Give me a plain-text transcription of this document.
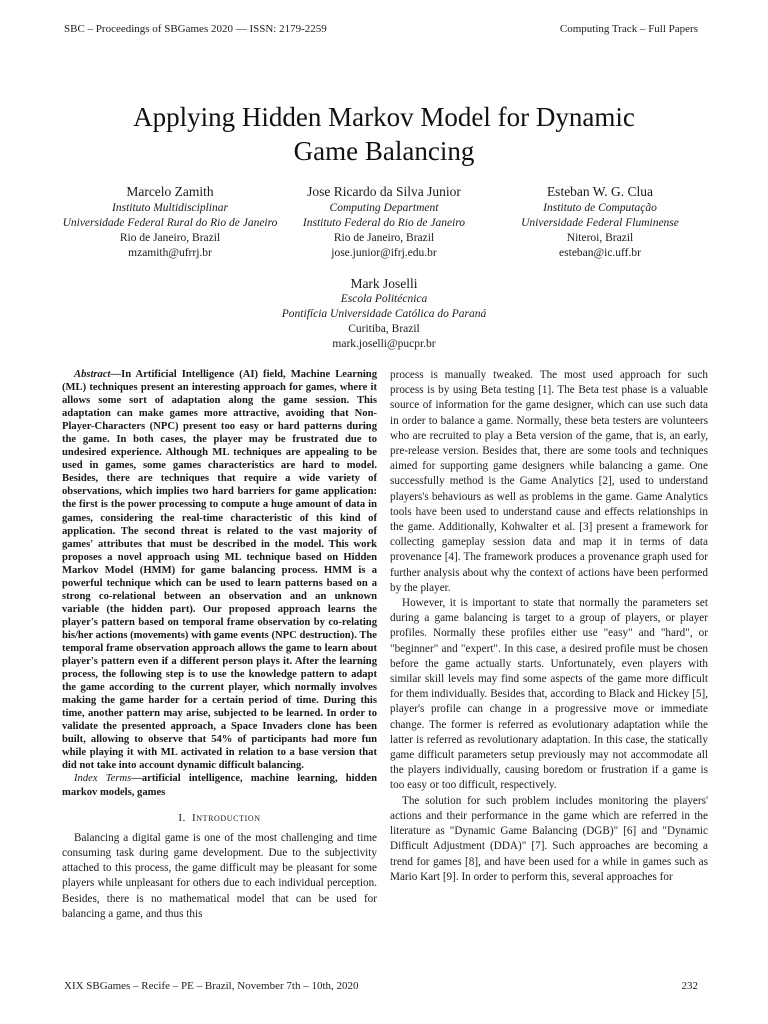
SBC – Proceedings of SBGames 2020 — ISSN: 2179-2259	Computing Track – Full Papers
Applying Hidden Markov Model for Dynamic
Game Balancing
Marcelo Zamith
Instituto Multidisciplinar
Universidade Federal Rural do Rio de Janeiro
Rio de Janeiro, Brazil
mzamith@ufrrj.br
Jose Ricardo da Silva Junior
Computing Department
Instituto Federal do Rio de Janeiro
Rio de Janeiro, Brazil
jose.junior@ifrj.edu.br
Esteban W. G. Clua
Instituto de Computação
Universidade Federal Fluminense
Niteroi, Brazil
esteban@ic.uff.br
Mark Joselli
Escola Politécnica
Pontifícia Universidade Católica do Paraná
Curitiba, Brazil
mark.joselli@pucpr.br

Abstract—In Artificial Intelligence (AI) field, Machine Learning (ML) techniques present an interesting approach for games, where it allows some sort of adaptation along the game session. This adaptation can make games more attractive, avoiding that Non-Player-Characters (NPC) present too easy or hard patterns during the game. In both cases, the player may be frustrated due to undesired experience. Although ML techniques are appealing to be used in games, some games characteristics are hard to model. Besides, there are techniques that require a wide variety of observations, which implies two hard barriers for game application: the first is the power processing to compute a huge amount of data in games, considering the real-time characteristic of this kind of application. The second threat is related to the vast majority of games' attributes that must be described in the model. This work proposes a novel approach using ML technique based on Hidden Markov Model (HMM) for game balancing process. HMM is a powerful technique which can be used to learn patterns based on a strong co-relational between an observation and an unknown variable (the hidden part). Our proposed approach learns the player's pattern based on temporal frame observation by co-relating his/her actions (movements) with game events (NPC destruction). The temporal frame observation approach allows the game to learn about player's pattern even if a different person plays it. After the learning process, the following step is to use the knowledge pattern to adapt the game according to the current player, which normally involves making the game harder for a certain period of time. During this time, another pattern may arise, subjected to be learned. In order to validate the presented approach, a Space Invaders clone has been built, allowing to observe that 54% of participants had more fun while playing it with ML activated in relation to a base version that did not take into account dynamic difficult balancing.

Index Terms—artificial intelligence, machine learning, hidden markov models, games

I. Introduction

Balancing a digital game is one of the most challenging and time consuming task during game development. Due to the subjectivity attached to this process, the game difficult may be pleasant for some players while unpleasant for others due to each individual perception. Besides, there is no mathematical model that can be used for balancing a game, and thus this

process is manually tweaked. The most used approach for such process is by using Beta testing [1]. The Beta test phase is a valuable source of information for the game designer, which can use such data in order to balance a game. Normally, these beta testers are volunteers who are recruited to play a Beta version of the game, that is, an early, pre-release version. Besides that, there are some tools and techniques aimed for supporting game designers while balancing a game. One successfully method is the Game Analytics [2], used to understand players's behaviours as well as problems in the game. Game Analytics tools have been used to understand cause and effects relationships in the game. Additionally, Kohwalter et al. [3] present a framework for collecting gameplay session data and map it in terms of data provenance [4]. The framework produces a provenance graph used for further analysis about why the context of actions have been performed by the player.

However, it is important to state that normally the parameters set during a game balancing is target to a group of players, or player profiles. Normally these profiles either use "easy" and "hard", or "beginner" and "expert". In this case, a desired profile must be chosen before the game actually starts. Unfortunately, even players with similar skill levels may find some aspects of the game more difficult for them individually. Besides that, according to Black and Hickey [5], player's profile can change in a progressive move or immediate change. The former is referred as evolutionary adaptation while the latter is referred as revolutionary adaptation. In this case, the statically game difficult parameters setup previously may not accommodate all the players individually, causing boredom or frustration if a game is too easy or too difficult, respectively.

The solution for such problem includes monitoring the players' actions and their performance in the game which are referred in the literature as "Dynamic Game Balancing (DGB)" [6] and "Dynamic Difficult Adjustment (DDA)" [7]. Such approaches are becoming a trend for games [8], and have been used for a while in games such as Mario Kart [9]. In order to perform this, several approaches for

XIX SBGames – Recife – PE – Brazil, November 7th – 10th, 2020	232
